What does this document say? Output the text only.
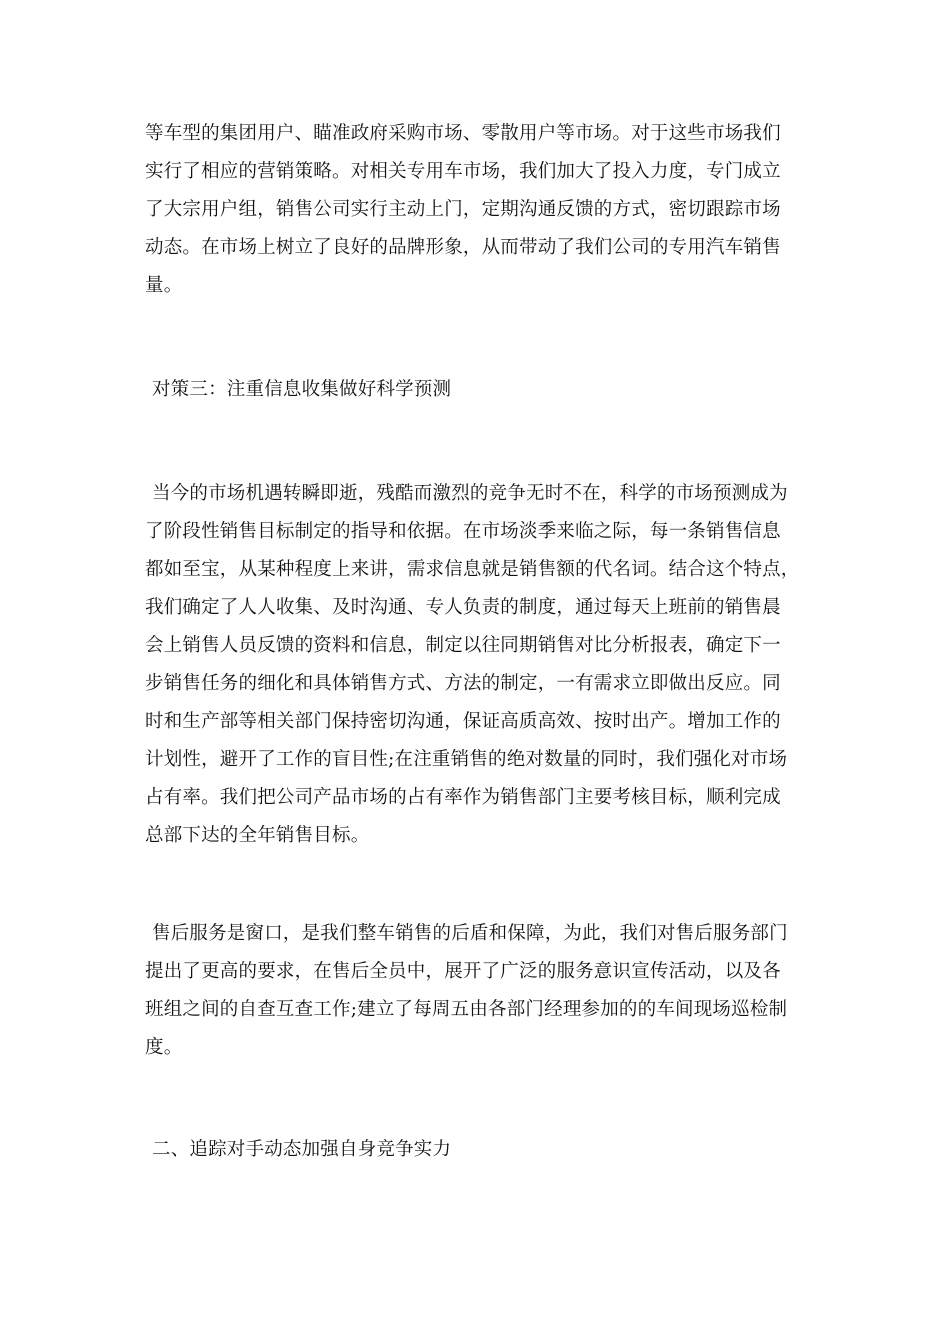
等车型的集团用户、瞄准政府采购市场、零散用户等市场。对于这些市场我们
实行了相应的营销策略。对相关专用车市场，我们加大了投入力度，专门成立
了大宗用户组，销售公司实行主动上门，定期沟通反馈的方式，密切跟踪市场
动态。在市场上树立了良好的品牌形象，从而带动了我们公司的专用汽车销售
量。
对策三：注重信息收集做好科学预测
当今的市场机遇转瞬即逝，残酷而激烈的竞争无时不在，科学的市场预测成为
了阶段性销售目标制定的指导和依据。在市场淡季来临之际，每一条销售信息
都如至宝，从某种程度上来讲，需求信息就是销售额的代名词。结合这个特点，
我们确定了人人收集、及时沟通、专人负责的制度，通过每天上班前的销售晨
会上销售人员反馈的资料和信息，制定以往同期销售对比分析报表，确定下一
步销售任务的细化和具体销售方式、方法的制定，一有需求立即做出反应。同
时和生产部等相关部门保持密切沟通，保证高质高效、按时出产。增加工作的
计划性，避开了工作的盲目性;在注重销售的绝对数量的同时，我们强化对市场
占有率。我们把公司产品市场的占有率作为销售部门主要考核目标，顺利完成
总部下达的全年销售目标。
售后服务是窗口，是我们整车销售的后盾和保障，为此，我们对售后服务部门
提出了更高的要求，在售后全员中，展开了广泛的服务意识宣传活动，以及各
班组之间的自查互查工作;建立了每周五由各部门经理参加的的车间现场巡检制
度。
二、追踪对手动态加强自身竞争实力
